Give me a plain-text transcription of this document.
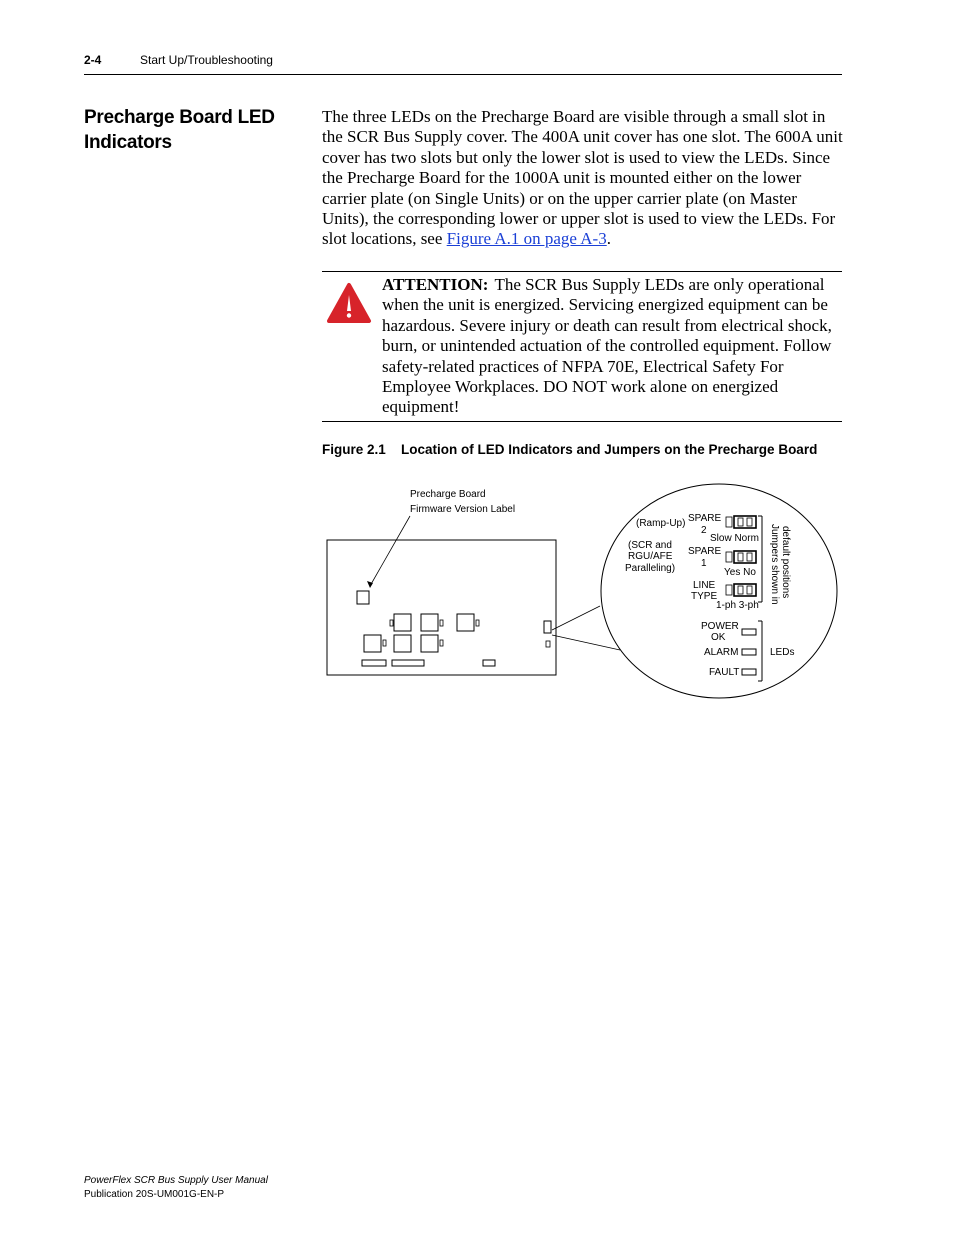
2-4	Start Up/Troubleshooting
Precharge Board LED Indicators
The three LEDs on the Precharge Board are visible through a small slot in the SCR Bus Supply cover. The 400A unit cover has one slot. The 600A unit cover has two slots but only the lower slot is used to view the LEDs. Since the Precharge Board for the 1000A unit is mounted either on the lower carrier plate (on Single Units) or on the upper carrier plate (on Master Units), the corresponding lower or upper slot is used to view the LEDs. For slot locations, see Figure A.1 on page A-3.
ATTENTION: The SCR Bus Supply LEDs are only operational when the unit is energized. Servicing energized equipment can be hazardous. Severe injury or death can result from electrical shock, burn, or unintended actuation of the controlled equipment. Follow safety-related practices of NFPA 70E, Electrical Safety For Employee Workplaces. DO NOT work alone on energized equipment!
Figure 2.1 Location of LED Indicators and Jumpers on the Precharge Board
Precharge Board
Firmware Version Label
(Ramp-Up)
(SCR and
RGU/AFE
Paralleling)
SPARE
2
Slow Norm
SPARE
1
Yes No
LINE
TYPE
1-ph 3-ph
Jumpers shown in default positions
POWER
OK
ALARM
FAULT
LEDs
PowerFlex SCR Bus Supply User Manual
Publication 20S-UM001G-EN-P
